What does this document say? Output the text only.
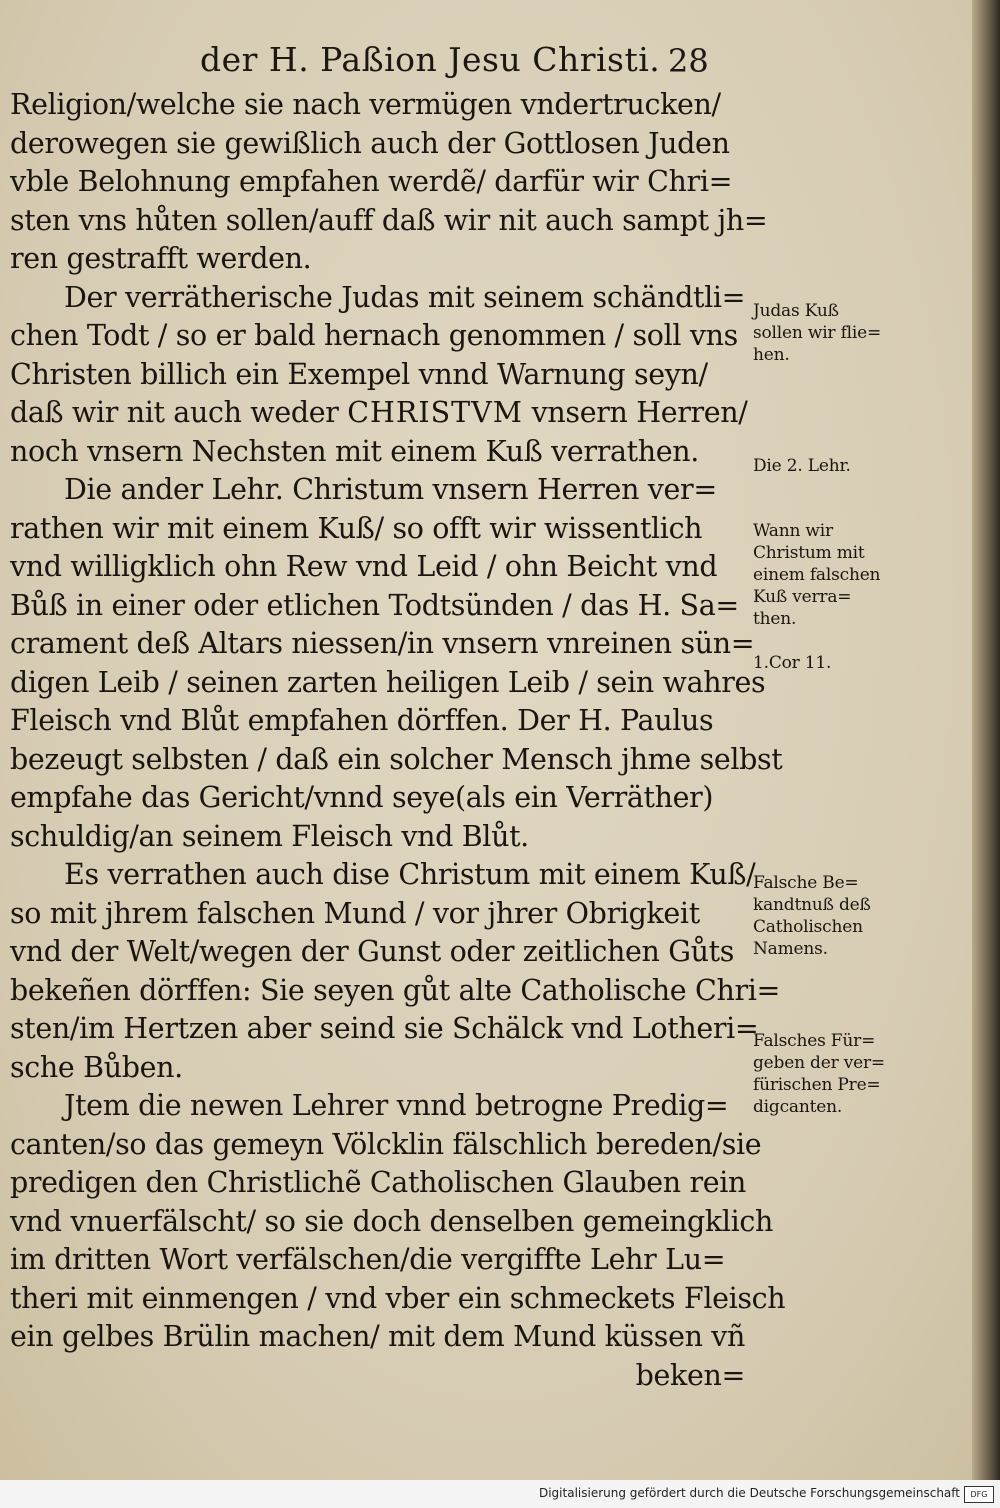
der H. Paßion Jesu Christi. 28
Religion/welche sie nach vermügen vndertrucken/
derowegen sie gewißlich auch der Gottlosen Juden
vble Belohnung empfahen werdẽ/ darfür wir Chri=
sten vns hůten sollen/auff daß wir nit auch sampt jh=
ren gestrafft werden.
Der verrätherische Judas mit seinem schändtli=
chen Todt / so er bald hernach genommen / soll vns
Christen billich ein Exempel vnnd Warnung seyn/
daß wir nit auch weder CHRISTVM vnsern Herren/
noch vnsern Nechsten mit einem Kuß verrathen.
Die ander Lehr. Christum vnsern Herren ver=
rathen wir mit einem Kuß/ so offt wir wissentlich
vnd willigklich ohn Rew vnd Leid / ohn Beicht vnd
Bůß in einer oder etlichen Todtsünden / das H. Sa=
crament deß Altars niessen/in vnsern vnreinen sün=
digen Leib / seinen zarten heiligen Leib / sein wahres
Fleisch vnd Blůt empfahen dörffen. Der H. Paulus
bezeugt selbsten / daß ein solcher Mensch jhme selbst
empfahe das Gericht/vnnd seye(als ein Verräther)
schuldig/an seinem Fleisch vnd Blůt.
Es verrathen auch dise Christum mit einem Kuß/
so mit jhrem falschen Mund / vor jhrer Obrigkeit
vnd der Welt/wegen der Gunst oder zeitlichen Gůts
bekeñen dörffen: Sie seyen gůt alte Catholische Chri=
sten/im Hertzen aber seind sie Schälck vnd Lotheri=
sche Bůben.
Jtem die newen Lehrer vnnd betrogne Predig=
canten/so das gemeyn Völcklin fälschlich bereden/sie
predigen den Christlichẽ Catholischen Glauben rein
vnd vnuerfälscht/ so sie doch denselben gemeingklich
im dritten Wort verfälschen/die vergiffte Lehr Lu=
theri mit einmengen / vnd vber ein schmeckets Fleisch
ein gelbes Brülin machen/ mit dem Mund küssen vñ
beken=
Judas Kuß
sollen wir flie=
hen.
Die 2. Lehr.
Wann wir
Christum mit
einem falschen
Kuß verra=
then.
1.Cor 11.
Falsche Be=
kandtnuß deß
Catholischen
Namens.
Falsches Für=
geben der ver=
fürischen Pre=
digcanten.
Digitalisierung gefördert durch die Deutsche Forschungsgemeinschaft	DFG
